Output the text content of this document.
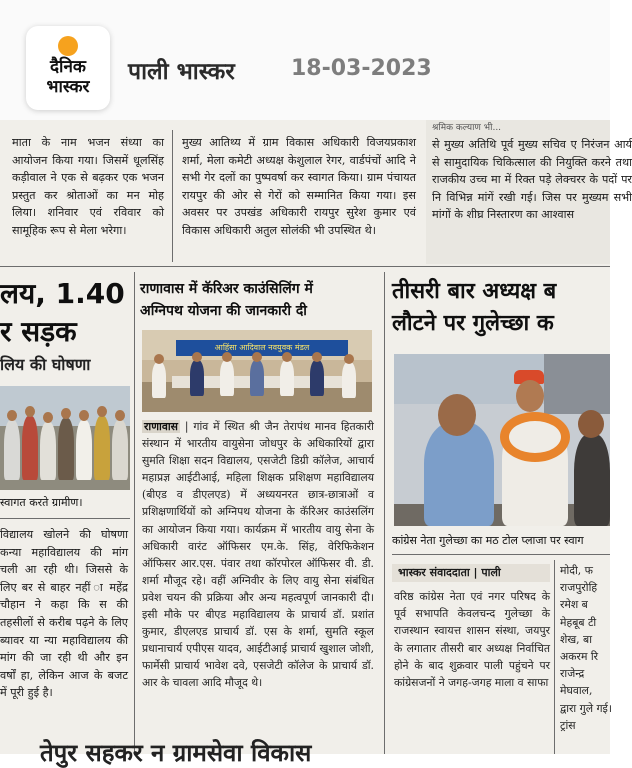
दैनिक
भास्कर
पाली भास्कर	18-03-2023
माता के नाम भजन संध्या का आयोजन किया गया। जिसमें धूलसिंह कड़ीवाल ने एक से बढ़कर एक भजन प्रस्तुत कर श्रोताओं का मन मोह लिया। शनिवार एवं रविवार को सामूहिक रूप से मेला भरेगा।
मुख्य आतिथ्य में ग्राम विकास अधिकारी विजयप्रकाश शर्मा, मेला कमेटी अध्यक्ष केशुलाल रेगर, वार्डपंचों आदि ने सभी गेर दलों का पुष्पवर्षा कर स्वागत किया। ग्राम पंचायत रायपुर की ओर से गेरों को सम्मानित किया गया। इस अवसर पर उपखंड अधिकारी रायपुर सुरेश कुमार एवं विकास अधिकारी अतुल सोलंकी भी उपस्थित थे।
श्रमिक कल्याण भी...
से मुख्य अतिथि पूर्व मुख्य सचिव ए निरंजन आर्य से सामुदायिक चिकित्साल की नियुक्ति करने तथा राजकीय उच्च मा में रिक्त पड़े लेक्चरर के पदों पर नि विभिन्न मांगें रखी गई। जिस पर मुख्यम सभी मांगों के शीघ्र निस्तारण का आश्वास
लय, 1.40
र सड़क
लिय की घोषणा
स्वागत करते ग्रामीण।
विद्यालय खोलने की घोषणा कन्या महाविद्यालय की मांग चली आ रही थी। जिससे के लिए बर से बाहर नहीं ा महेंद्र चौहान ने कहा कि स की तहसीलों से करीब पढ़ने के लिए ब्यावर या न्या महाविद्यालय की मांग की जा रही थी और इन वर्षों हा, लेकिन आज के बजट में पूरी हुई है।
राणावास में कॅरिअर काउंसिलिंग में
अग्निपथ योजना की जानकारी दी
आहिंसा आदिवाल नवयुवक मंडल
राणावास | गांव में स्थित श्री जैन तेरापंथ मानव हितकारी संस्थान में भारतीय वायुसेना जोधपुर के अधिकारियों द्वारा सुमति शिक्षा सदन विद्यालय, एसजेटी डिग्री कॉलेज, आचार्य महाप्रज्ञ आईटीआई, महिला शिक्षक प्रशिक्षण महाविद्यालय (बीएड व डीएलएड) में अध्ययनरत छात्र-छात्राओं व प्रशिक्षणार्थियों को अग्निपथ योजना के कॅरिअर काउंसलिंग का आयोजन किया गया। कार्यक्रम में भारतीय वायु सेना के अधिकारी वारंट ऑफिसर एम.के. सिंह, वेरिफिकेशन ऑफिसर आर.एस. पंवार तथा कॉरपोरल ऑफिसर वी. डी. शर्मा मौजूद रहे। वहीं अग्निवीर के लिए वायु सेना संबंधित प्रवेश चयन की प्रक्रिया और अन्य महत्वपूर्ण जानकारी दी। इसी मौके पर बीएड महाविद्यालय के प्राचार्य डॉ. प्रशांत कुमार, डीएलएड प्राचार्य डॉ. एस के शर्मा, सुमति स्कूल प्रधानाचार्य एपीएस यादव, आईटीआई प्राचार्य खुशाल जोशी, फार्मेसी प्राचार्य भावेश दवे, एसजेटी कॉलेज के प्राचार्य डॉ. आर के चावला आदि मौजूद थे।
तीसरी बार अध्यक्ष ब
लौटने पर गुलेच्छा क
कांग्रेस नेता गुलेच्छा का मठ टोल प्लाजा पर स्वाग
भास्कर संवाददाता | पाली
वरिष्ठ कांग्रेस नेता एवं नगर परिषद के पूर्व सभापति केवलचन्द गुलेच्छा के राजस्थान स्वायत्त शासन संस्था, जयपुर के लगातार तीसरी बार अध्यक्ष निर्वाचित होने के बाद शुक्रवार पाली पहुंचने पर कांग्रेसजनों ने जगह-जगह माला व साफा
मोदी, फ राजपुरोहि रमेश ब मेहबूब टी शेख, बा अकरम रि राजेन्द्र मेघवाल, द्वारा गुले गई। ट्रांस
तेपुर सहकर न ग्रामसेवा विकास
